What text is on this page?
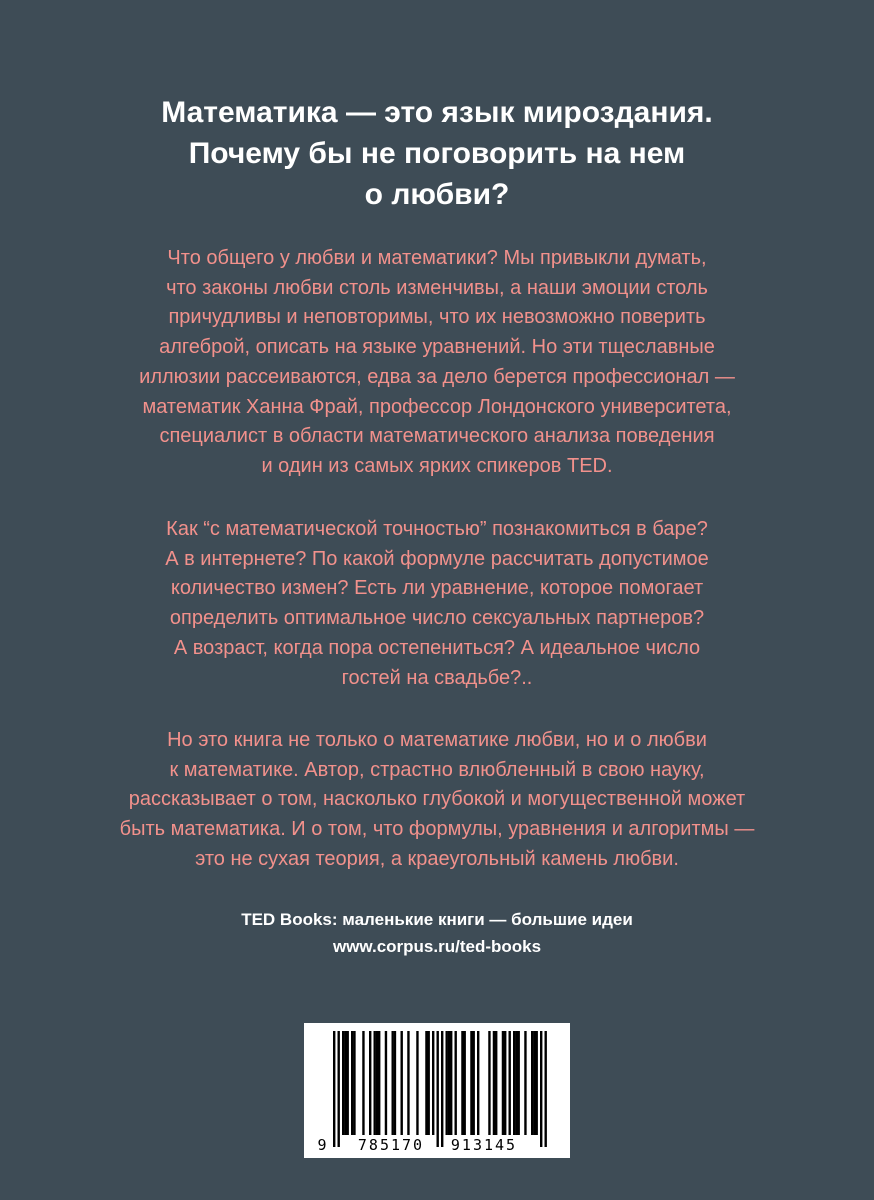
Математика — это язык мироздания.
Почему бы не поговорить на нем
о любви?
Что общего у любви и математики? Мы привыкли думать,
что законы любви столь изменчивы, а наши эмоции столь
причудливы и неповторимы, что их невозможно поверить
алгеброй, описать на языке уравнений. Но эти тщеславные
иллюзии рассеиваются, едва за дело берется профессионал —
математик Ханна Фрай, профессор Лондонского университета,
специалист в области математического анализа поведения
и один из самых ярких спикеров TED.
Как “с математической точностью” познакомиться в баре?
А в интернете? По какой формуле рассчитать допустимое
количество измен? Есть ли уравнение, которое помогает
определить оптимальное число сексуальных партнеров?
А возраст, когда пора остепениться? А идеальное число
гостей на свадьбе?..
Но это книга не только о математике любви, но и о любви
к математике. Автор, страстно влюбленный в свою науку,
рассказывает о том, насколько глубокой и могущественной может
быть математика. И о том, что формулы, уравнения и алгоритмы —
это не сухая теория, а краеугольный камень любви.
TED Books: маленькие книги — большие идеи
www.corpus.ru/ted-books
9 785170 913145
